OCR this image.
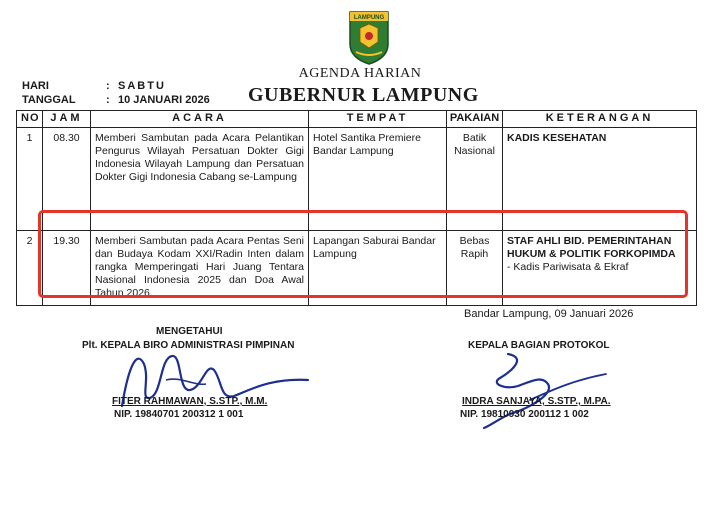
LAMPUNG
AGENDA HARIAN
GUBERNUR LAMPUNG
HARI	: SABTU
TANGGAL	: 10 JANUARI 2026
NO	JAM	ACARA	TEMPAT	PAKAIAN	KETERANGAN
1	08.30	Memberi Sambutan pada Acara Pelantikan Pengurus Wilayah Persatuan Dokter Gigi Indonesia Wilayah Lampung dan Persatuan Dokter Gigi Indonesia Cabang se-Lampung	Hotel Santika Premiere Bandar Lampung	Batik Nasional	KADIS KESEHATAN
2	19.30	Memberi Sambutan pada Acara Pentas Seni dan Budaya Kodam XXI/Radin Inten dalam rangka Memperingati Hari Juang Tentara Nasional Indonesia 2025 dan Doa Awal Tahun 2026.	Lapangan Saburai Bandar Lampung	Bebas Rapih	STAF AHLI BID. PEMERINTAHAN HUKUM & POLITIK FORKOPIMDA
- Kadis Pariwisata & Ekraf
Bandar Lampung, 09 Januari 2026
MENGETAHUI
Plt. KEPALA BIRO ADMINISTRASI PIMPINAN
FITER RAHMAWAN, S.STP., M.M.
NIP. 19840701 200312 1 001
KEPALA BAGIAN PROTOKOL
INDRA SANJAYA, S.STP., M.PA.
NIP. 19810930 200112 1 002
